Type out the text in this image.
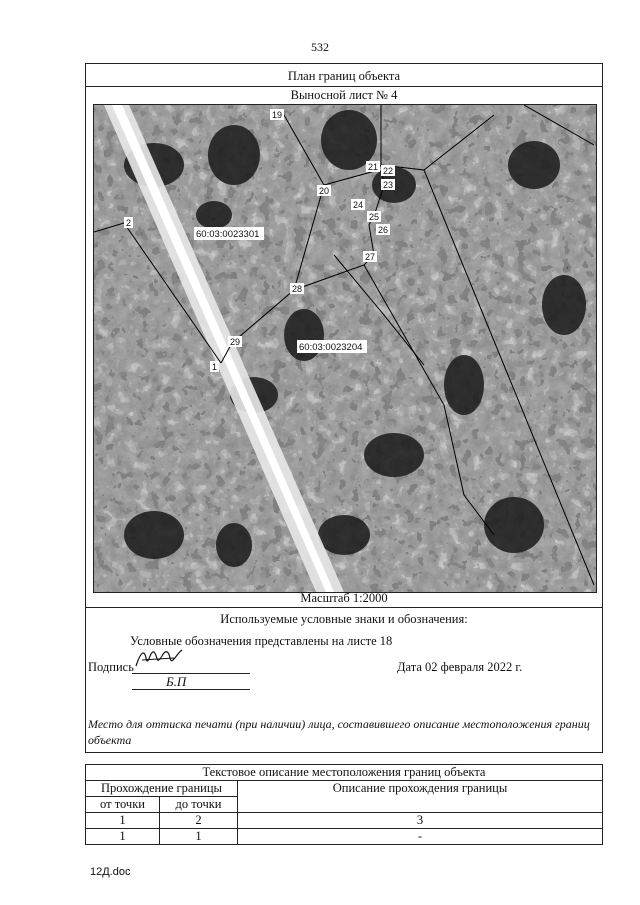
532
План границ объекта
Выносной лист № 4
19
2
20
21 22
23
24
25
26
27
28
29
1
60:03:0023301
60:03:0023204
Масштаб 1:2000
Используемые условные знаки и обозначения:
Условные обозначения представлены на листе 18
Подпись
Б.П
Дата 02 февраля 2022 г.
Место для оттиска печати (при наличии) лица, составившего описание местоположения границ объекта
Текстовое описание местоположения границ объекта		
Прохождение границы		Описание прохождения границы
от точки	до точки	
1	2	3
1	1	-
12Д.doc
